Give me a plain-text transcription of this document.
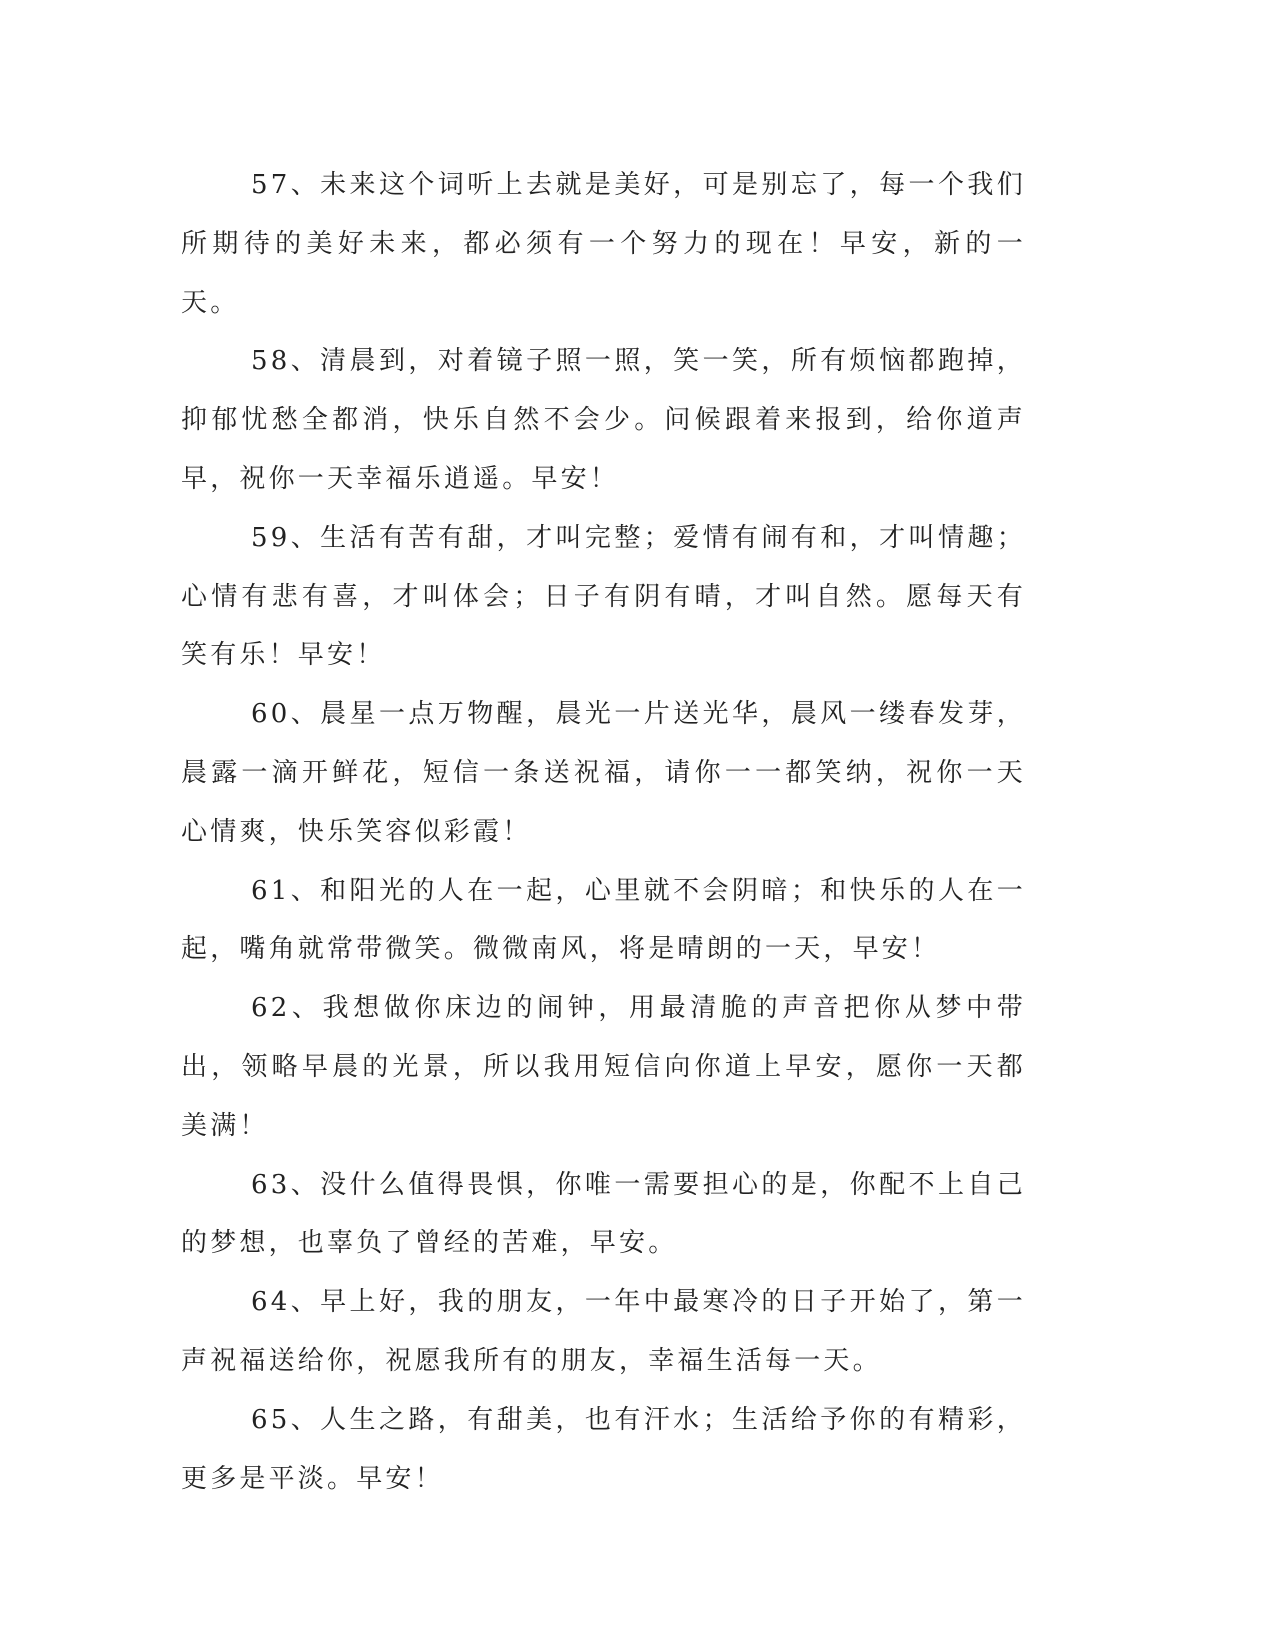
57、未来这个词听上去就是美好，可是别忘了，每一个我们所期待的美好未来，都必须有一个努力的现在！早安，新的一天。

58、清晨到，对着镜子照一照，笑一笑，所有烦恼都跑掉，抑郁忧愁全都消，快乐自然不会少。问候跟着来报到，给你道声早，祝你一天幸福乐逍遥。早安！

59、生活有苦有甜，才叫完整；爱情有闹有和，才叫情趣；心情有悲有喜，才叫体会；日子有阴有晴，才叫自然。愿每天有笑有乐！早安！

60、晨星一点万物醒，晨光一片送光华，晨风一缕春发芽，晨露一滴开鲜花，短信一条送祝福，请你一一都笑纳，祝你一天心情爽，快乐笑容似彩霞！

61、和阳光的人在一起，心里就不会阴暗；和快乐的人在一起，嘴角就常带微笑。微微南风，将是晴朗的一天，早安！

62、我想做你床边的闹钟，用最清脆的声音把你从梦中带出，领略早晨的光景，所以我用短信向你道上早安，愿你一天都美满！

63、没什么值得畏惧，你唯一需要担心的是，你配不上自己的梦想，也辜负了曾经的苦难，早安。

64、早上好，我的朋友，一年中最寒冷的日子开始了，第一声祝福送给你，祝愿我所有的朋友，幸福生活每一天。

65、人生之路，有甜美，也有汗水；生活给予你的有精彩，更多是平淡。早安！
